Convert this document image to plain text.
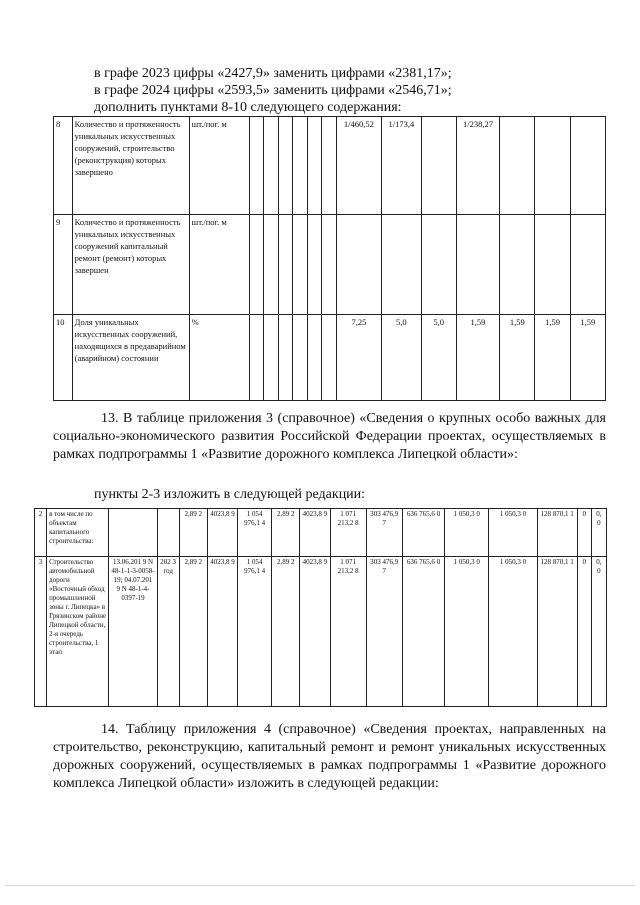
в графе 2023 цифры «2427,9» заменить цифрами «2381,17»;
в графе 2024 цифры «2593,5» заменить цифрами «2546,71»;
дополнить пунктами 8-10 следующего содержания:
8	Количество и протяженность уникальных искусственных сооружений, строительство (реконструкция) которых завершено	шт./пог. м							1/460,52	1/173,4		1/238,27			
9	Количество и протяженность уникальных искусственных сооружений капитальный ремонт (ремонт) которых завершен	шт./пог. м													
10	Доля уникальных искусственных сооружений, находящихся в предаварийном (аварийном) состоянии	%							7,25	5,0	5,0	1,59	1,59	1,59	1,59
13. В таблице приложения 3 (справочное) «Сведения о крупных особо важных для социально-экономического развития Российской Федерации проектах, осуществляемых в рамках подпрограммы 1 «Развитие дорожного комплекса Липецкой области»:
пункты 2-3 изложить в следующей редакции:
2	в том числе по объектам капитального строительства:			2,89 2	4023,8 9	1 054 976,1 4	2,89 2	4023,8 9	1 071 213,2 8	303 476,9 7	636 765,6 0	1 050,3 0	1 050,3 0	128 870,1 1	0	0, 0
3	Строительство автомобильной дороги «Восточный обход промышленной зоны г. Липецка» в Грязинском районе Липецкой области, 2-я очередь строительства, 1 этап	13.06.201 9 N 48-1-1-3-0058-19; 04.07.201 9 N 48-1-4-0397-19	202 3 год	2,89 2	4023,8 9	1 054 976,1 4	2,89 2	4023,8 9	1 071 213,2 8	303 476,9 7	636 765,6 0	1 050,3 0	1 050,3 0	128 870,1 1	0	0, 0
14. Таблицу приложения 4 (справочное) «Сведения проектах, направленных на строительство, реконструкцию, капитальный ремонт и ремонт уникальных искусственных дорожных сооружений, осуществляемых в рамках подпрограммы 1 «Развитие дорожного комплекса Липецкой области» изложить в следующей редакции:
